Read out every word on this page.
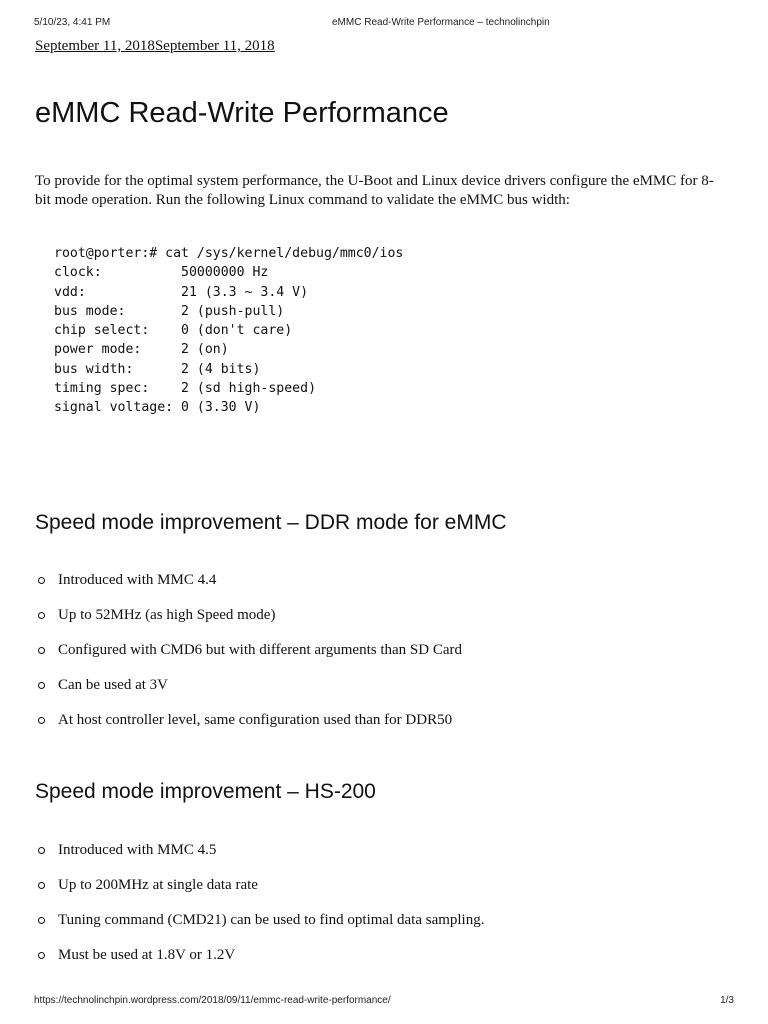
5/10/23, 4:41 PM	eMMC Read-Write Performance – technolinchpin
September 11, 2018September 11, 2018
eMMC Read-Write Performance

To provide for the optimal system performance, the U-Boot and Linux device drivers configure the eMMC for 8-bit mode operation. Run the following Linux command to validate the eMMC bus width:

root@porter:# cat /sys/kernel/debug/mmc0/ios
clock:          50000000 Hz
vdd:            21 (3.3 ~ 3.4 V)
bus mode:       2 (push-pull)
chip select:    0 (don't care)
power mode:     2 (on)
bus width:      2 (4 bits)
timing spec:    2 (sd high-speed)
signal voltage: 0 (3.30 V)
Speed mode improvement – DDR mode for eMMC
Introduced with MMC 4.4
Up to 52MHz (as high Speed mode)
Configured with CMD6 but with different arguments than SD Card
Can be used at 3V
At host controller level, same configuration used than for DDR50
Speed mode improvement – HS-200
Introduced with MMC 4.5
Up to 200MHz at single data rate
Tuning command (CMD21) can be used to find optimal data sampling.
Must be used at 1.8V or 1.2V
https://technolinchpin.wordpress.com/2018/09/11/emmc-read-write-performance/	1/3
